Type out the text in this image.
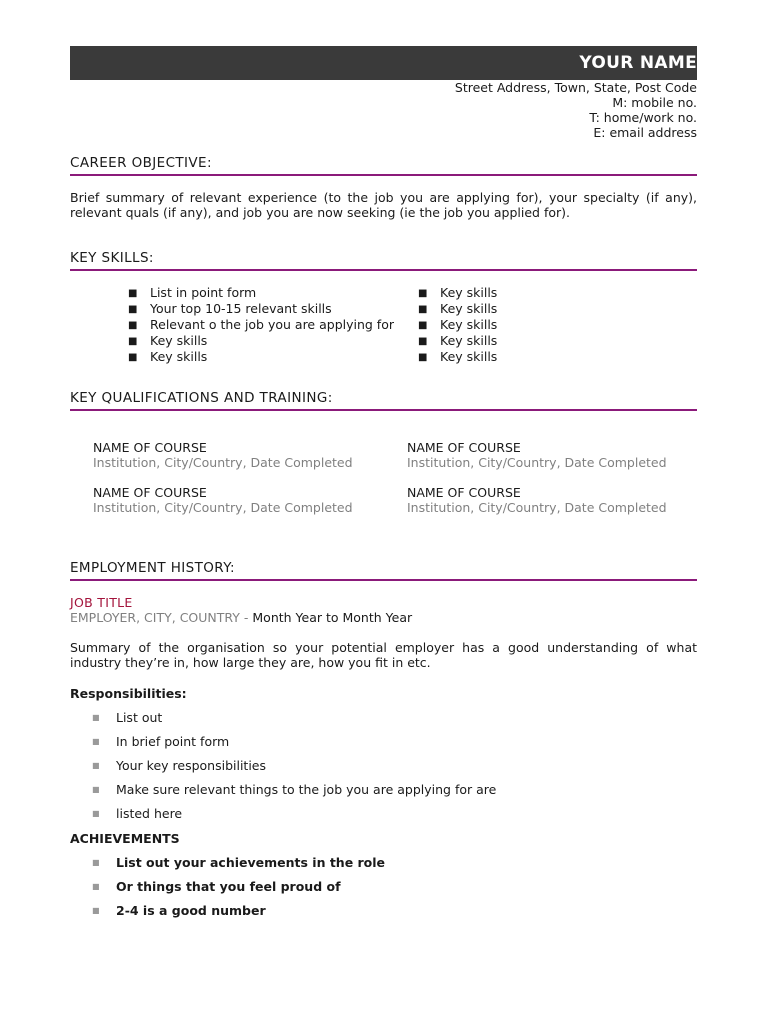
YOUR NAME
Street Address, Town, State, Post Code
M: mobile no.
T: home/work no.
E: email address
CAREER OBJECTIVE:
Brief summary of relevant experience (to the job you are applying for), your specialty (if any), relevant quals (if any), and job you are now seeking (ie the job you applied for).
KEY SKILLS:
■ List in point form
■ Your top 10-15 relevant skills
■ Relevant o the job you are applying for
■ Key skills
■ Key skills
■ Key skills
■ Key skills
■ Key skills
■ Key skills
■ Key skills
KEY QUALIFICATIONS AND TRAINING:
NAME OF COURSE
Institution, City/Country, Date Completed
NAME OF COURSE
Institution, City/Country, Date Completed
NAME OF COURSE
Institution, City/Country, Date Completed
NAME OF COURSE
Institution, City/Country, Date Completed
EMPLOYMENT HISTORY:
JOB TITLE
EMPLOYER, CITY, COUNTRY - Month Year to Month Year
Summary of the organisation so your potential employer has a good understanding of what industry they’re in, how large they are, how you fit in etc.
Responsibilities:
■ List out
■ In brief point form
■ Your key responsibilities
■ Make sure relevant things to the job you are applying for are
■ listed here
ACHIEVEMENTS
■ List out your achievements in the role
■ Or things that you feel proud of
■ 2-4 is a good number
